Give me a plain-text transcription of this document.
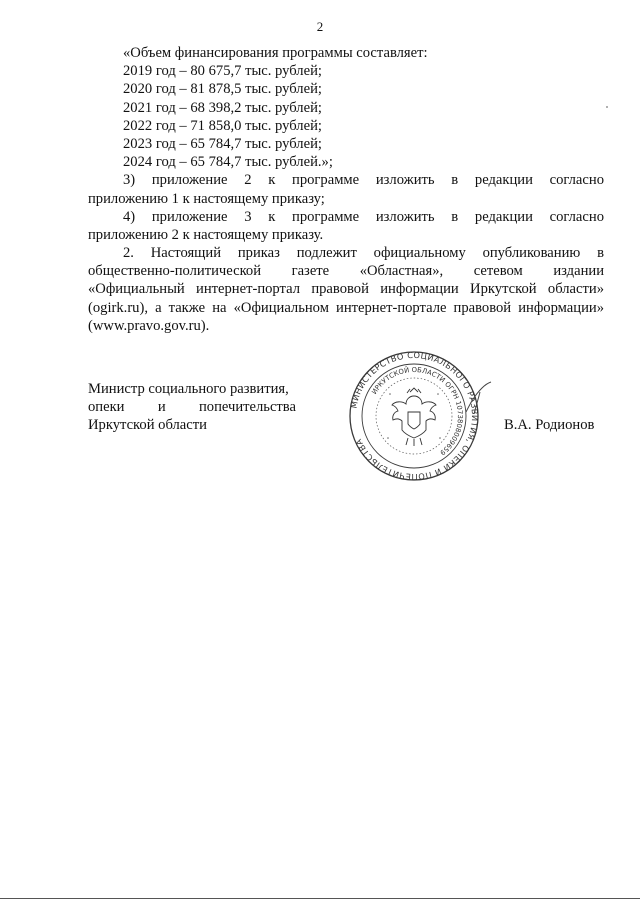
2
«Объем финансирования программы составляет:
2019 год – 80 675,7 тыс. рублей;
2020 год – 81 878,5 тыс. рублей;
2021 год – 68 398,2 тыс. рублей;
2022 год – 71 858,0 тыс. рублей;
2023 год – 65 784,7 тыс. рублей;
2024 год – 65 784,7 тыс. рублей.»;
3) приложение 2 к программе изложить в редакции согласно
приложению 1 к настоящему приказу;
4) приложение 3 к программе изложить в редакции согласно
приложению 2 к настоящему приказу.
2. Настоящий приказ подлежит официальному опубликованию в
общественно-политической газете «Областная», сетевом издании
«Официальный интернет-портал правовой информации Иркутской области»
(ogirk.ru), а также на «Официальном интернет-портале правовой информации»
(www.pravo.gov.ru).
Министр социального развития,
опеки и попечительства
Иркутской области	В.А. Родионов
МИНИСТЕРСТВО СОЦИАЛЬНОГО РАЗВИТИЯ, ОПЕКИ И ПОПЕЧИТЕЛЬСТВА
ИРКУТСКОЙ ОБЛАСТИ ОГРН 1073808009659
